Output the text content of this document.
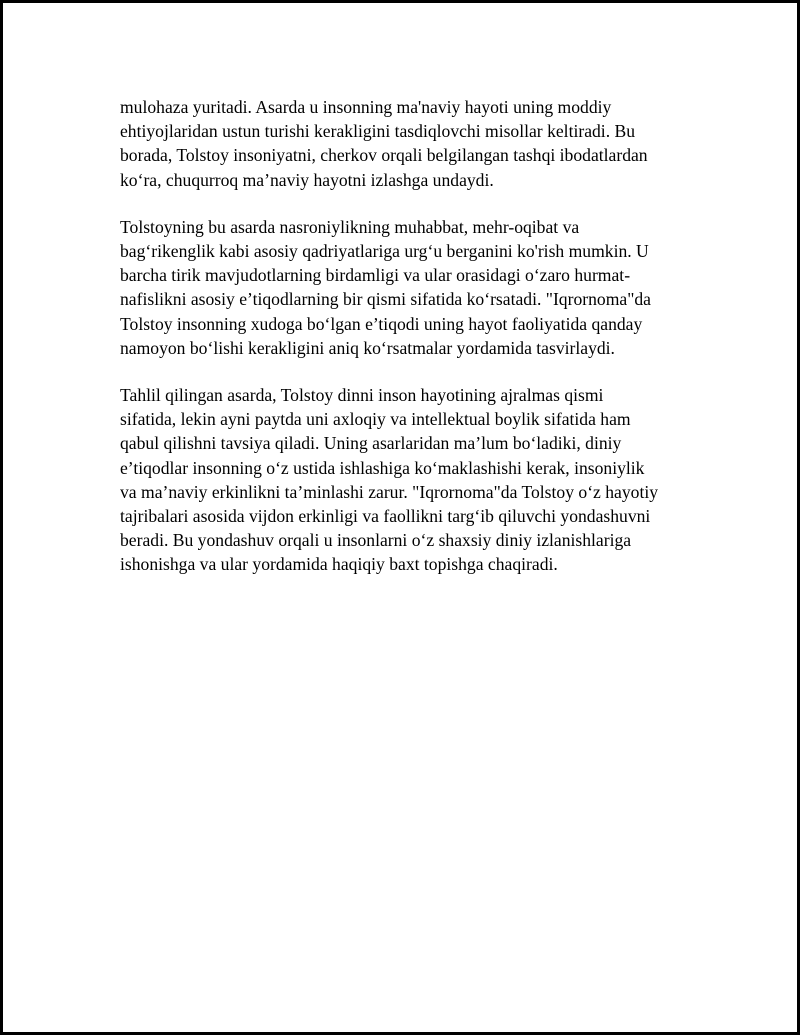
mulohaza yuritadi. Asarda u insonning ma'naviy hayoti uning moddiy
ehtiyojlaridan ustun turishi kerakligini tasdiqlovchi misollar keltiradi. Bu
borada, Tolstoy insoniyatni, cherkov orqali belgilangan tashqi ibodatlardan
ko‘ra, chuqurroq ma’naviy hayotni izlashga undaydi.

Tolstoyning bu asarda nasroniylikning muhabbat, mehr-oqibat va
bag‘rikenglik kabi asosiy qadriyatlariga urg‘u berganini ko'rish mumkin. U
barcha tirik mavjudotlarning birdamligi va ular orasidagi o‘zaro hurmat-
nafislikni asosiy e’tiqodlarning bir qismi sifatida ko‘rsatadi. "Iqrornoma"da
Tolstoy insonning xudoga bo‘lgan e’tiqodi uning hayot faoliyatida qanday
namoyon bo‘lishi kerakligini aniq ko‘rsatmalar yordamida tasvirlaydi.

Tahlil qilingan asarda, Tolstoy dinni inson hayotining ajralmas qismi
sifatida, lekin ayni paytda uni axloqiy va intellektual boylik sifatida ham
qabul qilishni tavsiya qiladi. Uning asarlaridan ma’lum bo‘ladiki, diniy
e’tiqodlar insonning o‘z ustida ishlashiga ko‘maklashishi kerak, insoniylik
va ma’naviy erkinlikni ta’minlashi zarur. "Iqrornoma"da Tolstoy o‘z hayotiy
tajribalari asosida vijdon erkinligi va faollikni targ‘ib qiluvchi yondashuvni
beradi. Bu yondashuv orqali u insonlarni o‘z shaxsiy diniy izlanishlariga
ishonishga va ular yordamida haqiqiy baxt topishga chaqiradi.
